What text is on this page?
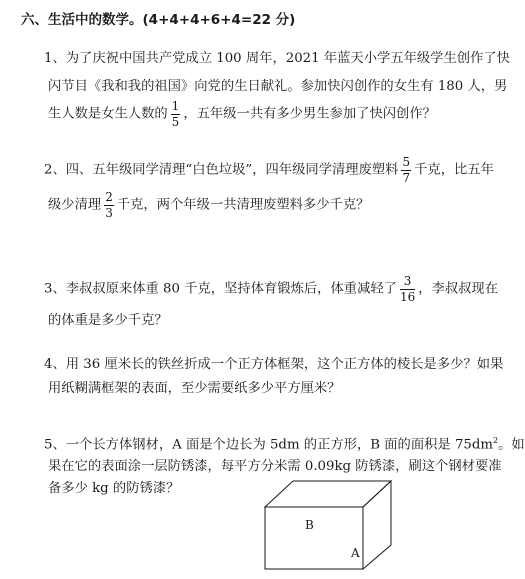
六、生活中的数学。(4+4+4+6+4=22 分)
1、为了庆祝中国共产党成立 100 周年，2021 年蓝天小学五年级学生创作了快
闪节目《我和我的祖国》向党的生日献礼。参加快闪创作的女生有 180 人，男
生人数是女生人数的 $\frac{1}{5}$ ，五年级一共有多少男生参加了快闪创作？
2、四、五年级同学清理“白色垃圾”，四年级同学清理废塑料 $\frac{5}{7}$ 千克，比五年
级少清理 $\frac{2}{3}$ 千克，两个年级一共清理废塑料多少千克？
3、李叔叔原来体重 80 千克，坚持体育锻炼后，体重减轻了 $\frac{3}{16}$ ，李叔叔现在
的体重是多少千克？
4、用 36 厘米长的铁丝折成一个正方体框架，这个正方体的棱长是多少？如果
用纸糊满框架的表面，至少需要纸多少平方厘米？
5、一个长方体钢材，A 面是个边长为 5dm 的正方形，B 面的面积是 $75dm^2$。如
果在它的表面涂一层防锈漆，每平方分米需 0.09kg 防锈漆，刷这个钢材要准
备多少 kg 的防锈漆？
B
A
